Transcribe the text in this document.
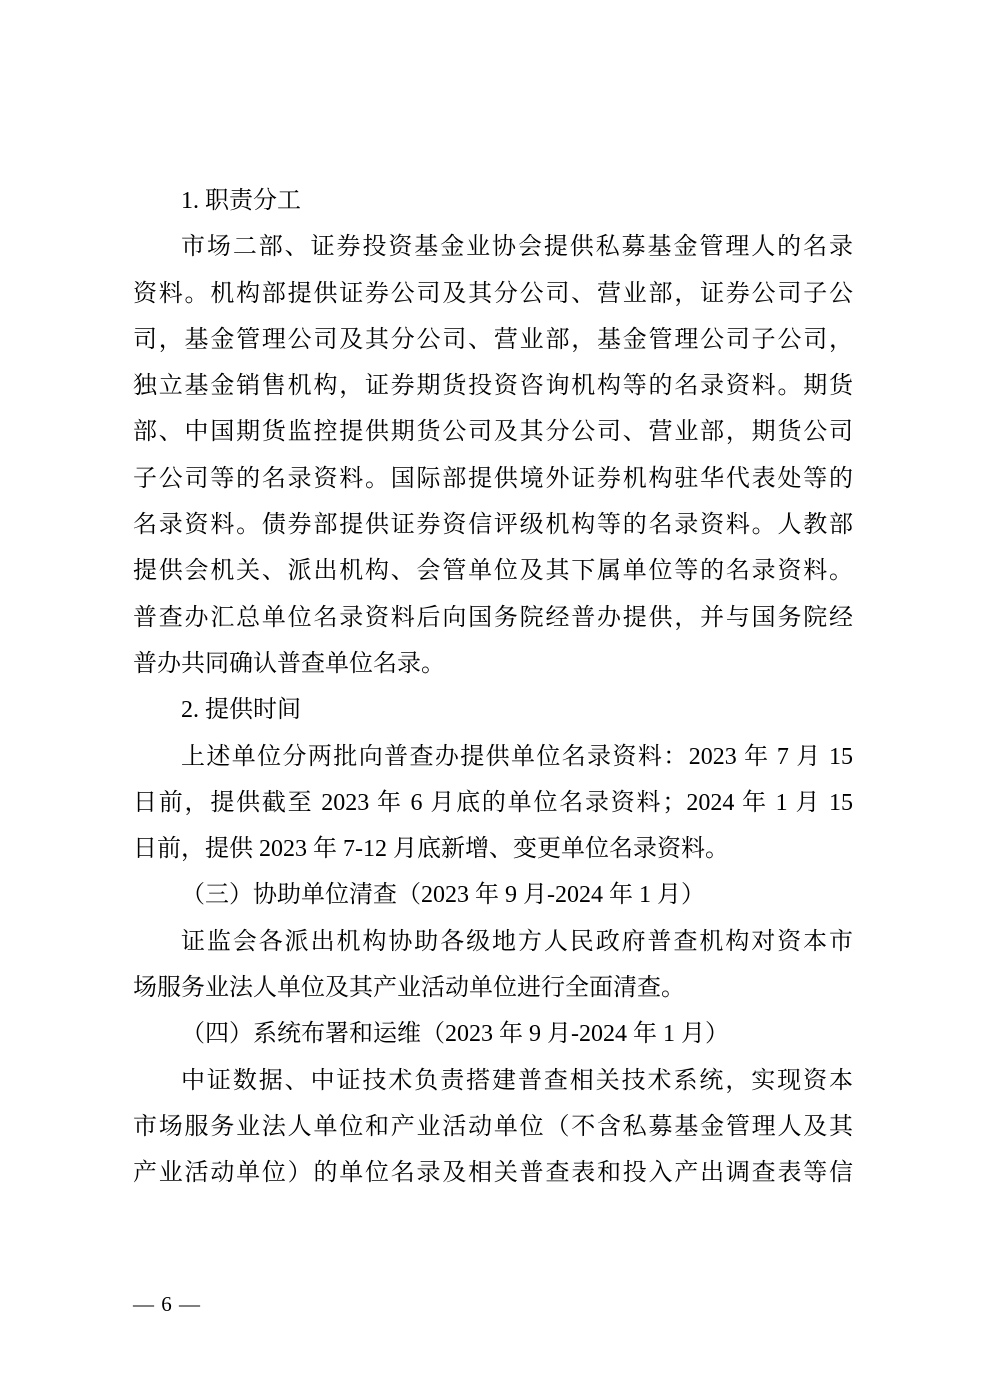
1. 职责分工
市场二部、证券投资基金业协会提供私募基金管理人的名录
资料。机构部提供证券公司及其分公司、营业部，证券公司子公
司，基金管理公司及其分公司、营业部，基金管理公司子公司，
独立基金销售机构，证券期货投资咨询机构等的名录资料。期货
部、中国期货监控提供期货公司及其分公司、营业部，期货公司
子公司等的名录资料。国际部提供境外证券机构驻华代表处等的
名录资料。债券部提供证券资信评级机构等的名录资料。人教部
提供会机关、派出机构、会管单位及其下属单位等的名录资料。
普查办汇总单位名录资料后向国务院经普办提供，并与国务院经
普办共同确认普查单位名录。
2. 提供时间
上述单位分两批向普查办提供单位名录资料：2023 年 7 月 15
日前，提供截至 2023 年 6 月底的单位名录资料；2024 年 1 月 15
日前，提供 2023 年 7-12 月底新增、变更单位名录资料。
（三）协助单位清查（2023 年 9 月-2024 年 1 月）
证监会各派出机构协助各级地方人民政府普查机构对资本市
场服务业法人单位及其产业活动单位进行全面清查。
（四）系统布署和运维（2023 年 9 月-2024 年 1 月）
中证数据、中证技术负责搭建普查相关技术系统，实现资本
市场服务业法人单位和产业活动单位（不含私募基金管理人及其
产业活动单位）的单位名录及相关普查表和投入产出调查表等信
— 6 —
